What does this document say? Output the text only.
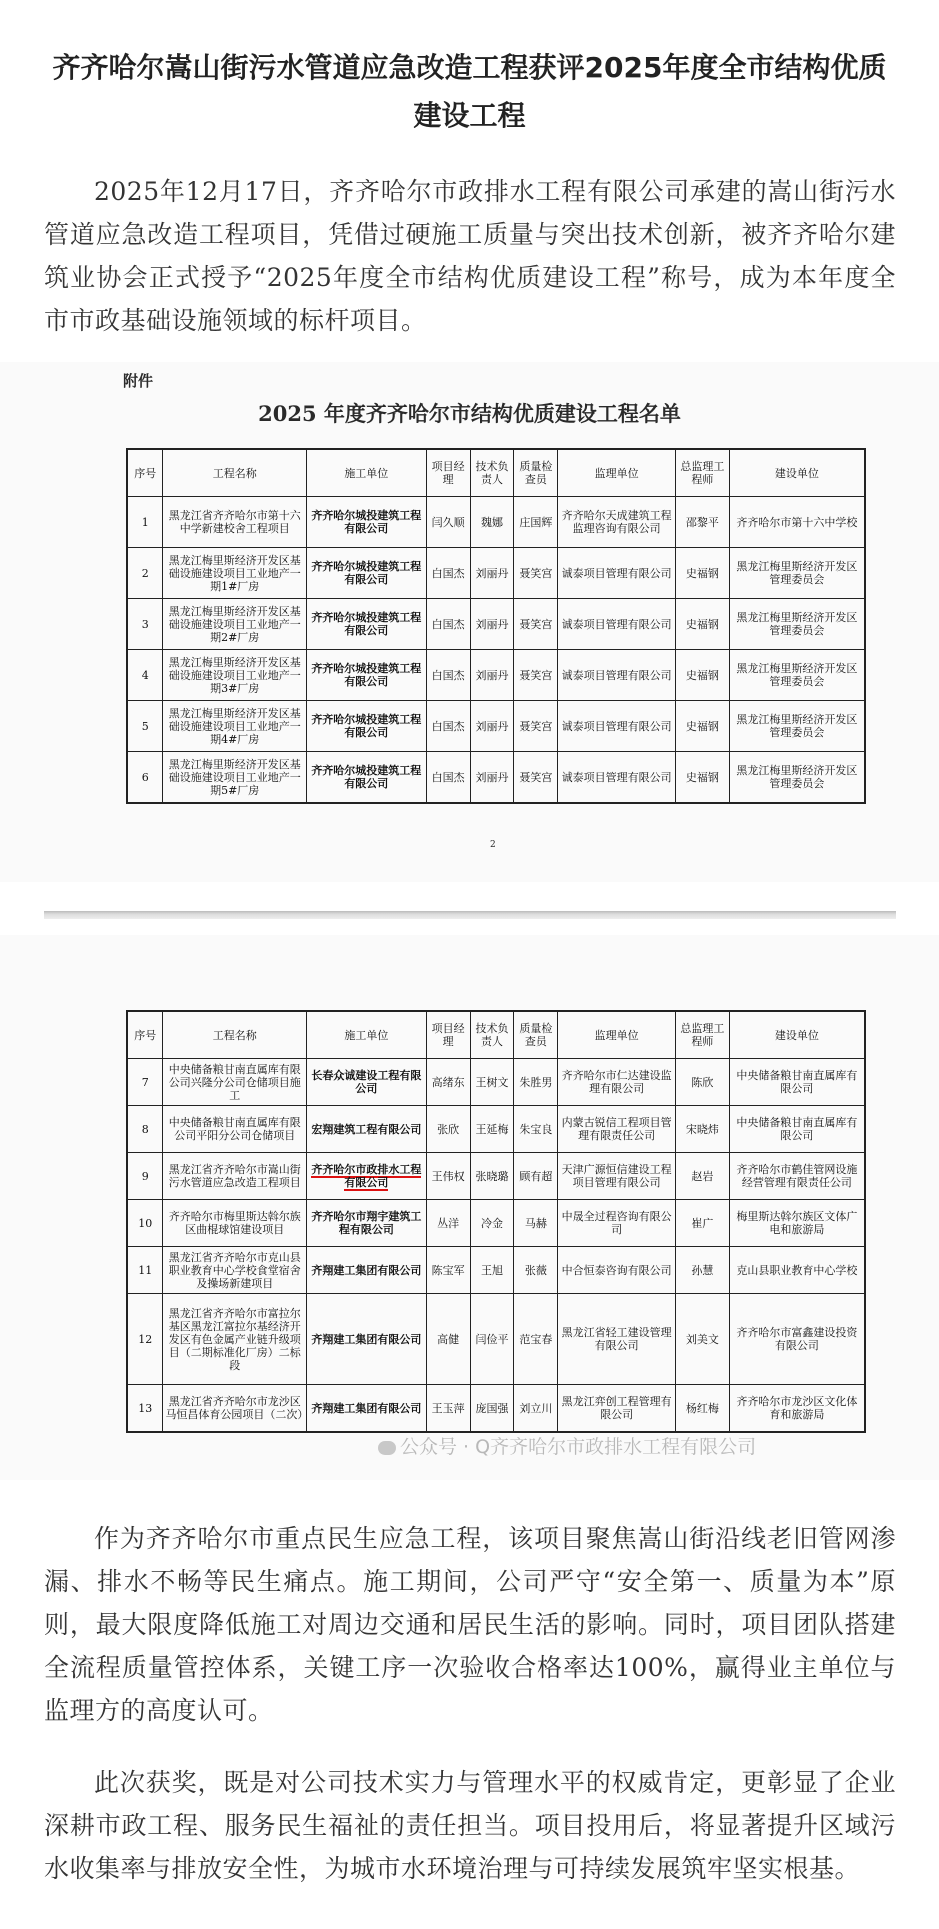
齐齐哈尔嵩山街污水管道应急改造工程获评2025年度全市结构优质建设工程
2025年12月17日，齐齐哈尔市政排水工程有限公司承建的嵩山街污水管道应急改造工程项目，凭借过硬施工质量与突出技术创新，被齐齐哈尔建筑业协会正式授予“2025年度全市结构优质建设工程”称号，成为本年度全市市政基础设施领域的标杆项目。
附件
2025 年度齐齐哈尔市结构优质建设工程名单
序号	工程名称	施工单位	项目经理	技术负责人	质量检查员	监理单位	总监理工程师	建设单位
1	黑龙江省齐齐哈尔市第十六中学新建校舍工程项目	齐齐哈尔城投建筑工程有限公司	闫久顺	魏娜	庄国辉	齐齐哈尔天成建筑工程监理咨询有限公司	邵黎平	齐齐哈尔市第十六中学校
2	黑龙江梅里斯经济开发区基础设施建设项目工业地产一期1#厂房	齐齐哈尔城投建筑工程有限公司	白国杰	刘丽丹	聂笑宫	诚泰项目管理有限公司	史福钢	黑龙江梅里斯经济开发区管理委员会
3	黑龙江梅里斯经济开发区基础设施建设项目工业地产一期2#厂房	齐齐哈尔城投建筑工程有限公司	白国杰	刘丽丹	聂笑宫	诚泰项目管理有限公司	史福钢	黑龙江梅里斯经济开发区管理委员会
4	黑龙江梅里斯经济开发区基础设施建设项目工业地产一期3#厂房	齐齐哈尔城投建筑工程有限公司	白国杰	刘丽丹	聂笑宫	诚泰项目管理有限公司	史福钢	黑龙江梅里斯经济开发区管理委员会
5	黑龙江梅里斯经济开发区基础设施建设项目工业地产一期4#厂房	齐齐哈尔城投建筑工程有限公司	白国杰	刘丽丹	聂笑宫	诚泰项目管理有限公司	史福钢	黑龙江梅里斯经济开发区管理委员会
6	黑龙江梅里斯经济开发区基础设施建设项目工业地产一期5#厂房	齐齐哈尔城投建筑工程有限公司	白国杰	刘丽丹	聂笑宫	诚泰项目管理有限公司	史福钢	黑龙江梅里斯经济开发区管理委员会
2
序号	工程名称	施工单位	项目经理	技术负责人	质量检查员	监理单位	总监理工程师	建设单位
7	中央储备粮甘南直属库有限公司兴隆分公司仓储项目施工	长春众诚建设工程有限公司	高绪东	王树文	朱胜男	齐齐哈尔市仁达建设监理有限公司	陈欣	中央储备粮甘南直属库有限公司
8	中央储备粮甘南直属库有限公司平阳分公司仓储项目	宏翔建筑工程有限公司	张欣	王延梅	朱宝良	内蒙古锐信工程项目管理有限责任公司	宋晓炜	中央储备粮甘南直属库有限公司
9	黑龙江省齐齐哈尔市嵩山街污水管道应急改造工程项目	齐齐哈尔市政排水工程有限公司	王伟权	张晓璐	顾有超	天津广源恒信建设工程项目管理有限公司	赵岩	齐齐哈尔市鹤佳管网设施经营管理有限责任公司
10	齐齐哈尔市梅里斯达斡尔族区曲棍球馆建设项目	齐齐哈尔市翔宇建筑工程有限公司	丛洋	冷金	马赫	中晟全过程咨询有限公司	崔广	梅里斯达斡尔族区文体广电和旅游局
11	黑龙江省齐齐哈尔市克山县职业教育中心学校食堂宿舍及操场新建项目	齐翔建工集团有限公司	陈宝军	王旭	张薇	中合恒泰咨询有限公司	孙慧	克山县职业教育中心学校
12	黑龙江省齐齐哈尔市富拉尔基区黑龙江富拉尔基经济开发区有色金属产业链升级项目（二期标准化厂房）二标段	齐翔建工集团有限公司	高健	闫俭平	范宝春	黑龙江省轻工建设管理有限公司	刘美文	齐齐哈尔市富鑫建设投资有限公司
13	黑龙江省齐齐哈尔市龙沙区马恒昌体育公园项目（二次）	齐翔建工集团有限公司	王玉萍	庞国强	刘立川	黑龙江弈创工程管理有限公司	杨红梅	齐齐哈尔市龙沙区文化体育和旅游局
公众号 · Q齐齐哈尔市政排水工程有限公司
作为齐齐哈尔市重点民生应急工程，该项目聚焦嵩山街沿线老旧管网渗漏、排水不畅等民生痛点。施工期间，公司严守“安全第一、质量为本”原则，最大限度降低施工对周边交通和居民生活的影响。同时，项目团队搭建全流程质量管控体系，关键工序一次验收合格率达100%，赢得业主单位与监理方的高度认可。
此次获奖，既是对公司技术实力与管理水平的权威肯定，更彰显了企业深耕市政工程、服务民生福祉的责任担当。项目投用后，将显著提升区域污水收集率与排放安全性，为城市水环境治理与可持续发展筑牢坚实根基。
